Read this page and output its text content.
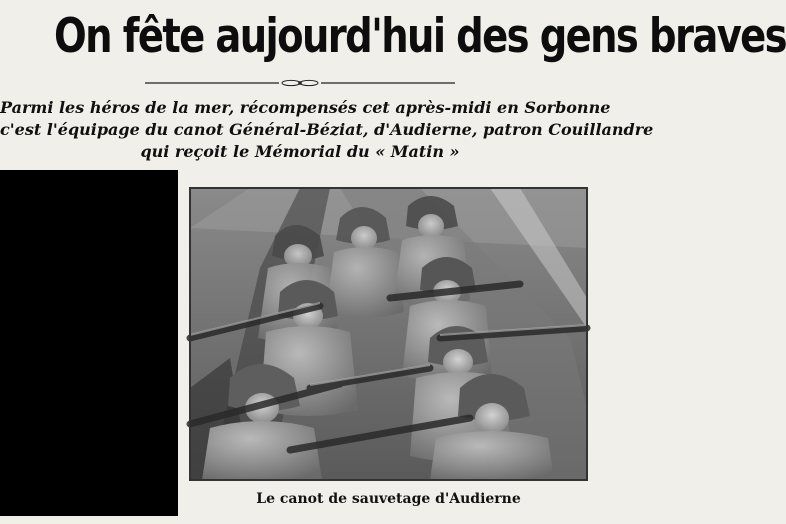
On fête aujourd'hui des gens braves
Parmi les héros de la mer, récompensés cet après-midi en Sorbonne
c'est l'équipage du canot Général-Béziat, d'Audierne, patron Couillandre
qui reçoit le Mémorial du « Matin »
Le canot de sauvetage d'Audierne
